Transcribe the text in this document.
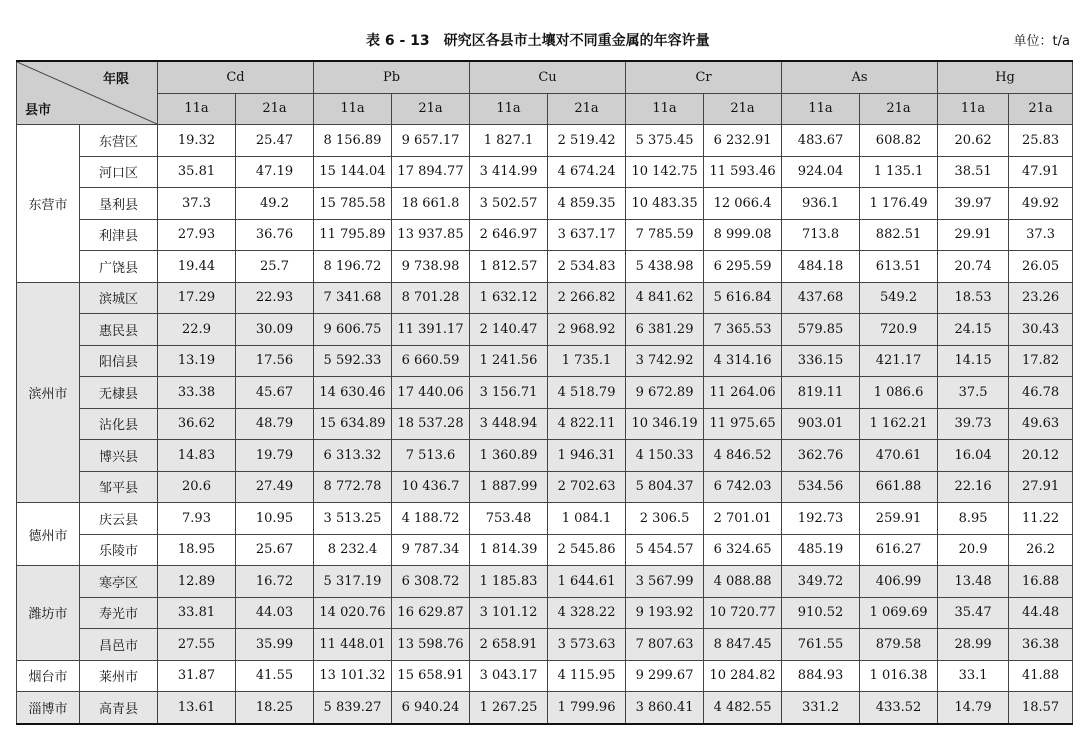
表 6 - 13　研究区各县市土壤对不同重金属的年容许量	单位：t/a
年限
县市		Cd		Pb		Cu		Cr		As		Hg	
		11a	21a	11a	21a	11a	21a	11a	21a	11a	21a	11a	21a
东营市	东营区	19.32	25.47	8 156.89	9 657.17	1 827.1	2 519.42	5 375.45	6 232.91	483.67	608.82	20.62	25.83
	河口区	35.81	47.19	15 144.04	17 894.77	3 414.99	4 674.24	10 142.75	11 593.46	924.04	1 135.1	38.51	47.91
	垦利县	37.3	49.2	15 785.58	18 661.8	3 502.57	4 859.35	10 483.35	12 066.4	936.1	1 176.49	39.97	49.92
	利津县	27.93	36.76	11 795.89	13 937.85	2 646.97	3 637.17	7 785.59	8 999.08	713.8	882.51	29.91	37.3
	广饶县	19.44	25.7	8 196.72	9 738.98	1 812.57	2 534.83	5 438.98	6 295.59	484.18	613.51	20.74	26.05
滨州市	滨城区	17.29	22.93	7 341.68	8 701.28	1 632.12	2 266.82	4 841.62	5 616.84	437.68	549.2	18.53	23.26
	惠民县	22.9	30.09	9 606.75	11 391.17	2 140.47	2 968.92	6 381.29	7 365.53	579.85	720.9	24.15	30.43
	阳信县	13.19	17.56	5 592.33	6 660.59	1 241.56	1 735.1	3 742.92	4 314.16	336.15	421.17	14.15	17.82
	无棣县	33.38	45.67	14 630.46	17 440.06	3 156.71	4 518.79	9 672.89	11 264.06	819.11	1 086.6	37.5	46.78
	沾化县	36.62	48.79	15 634.89	18 537.28	3 448.94	4 822.11	10 346.19	11 975.65	903.01	1 162.21	39.73	49.63
	博兴县	14.83	19.79	6 313.32	7 513.6	1 360.89	1 946.31	4 150.33	4 846.52	362.76	470.61	16.04	20.12
	邹平县	20.6	27.49	8 772.78	10 436.7	1 887.99	2 702.63	5 804.37	6 742.03	534.56	661.88	22.16	27.91
德州市	庆云县	7.93	10.95	3 513.25	4 188.72	753.48	1 084.1	2 306.5	2 701.01	192.73	259.91	8.95	11.22
	乐陵市	18.95	25.67	8 232.4	9 787.34	1 814.39	2 545.86	5 454.57	6 324.65	485.19	616.27	20.9	26.2
潍坊市	寒亭区	12.89	16.72	5 317.19	6 308.72	1 185.83	1 644.61	3 567.99	4 088.88	349.72	406.99	13.48	16.88
	寿光市	33.81	44.03	14 020.76	16 629.87	3 101.12	4 328.22	9 193.92	10 720.77	910.52	1 069.69	35.47	44.48
	昌邑市	27.55	35.99	11 448.01	13 598.76	2 658.91	3 573.63	7 807.63	8 847.45	761.55	879.58	28.99	36.38
烟台市	莱州市	31.87	41.55	13 101.32	15 658.91	3 043.17	4 115.95	9 299.67	10 284.82	884.93	1 016.38	33.1	41.88
淄博市	高青县	13.61	18.25	5 839.27	6 940.24	1 267.25	1 799.96	3 860.41	4 482.55	331.2	433.52	14.79	18.57
